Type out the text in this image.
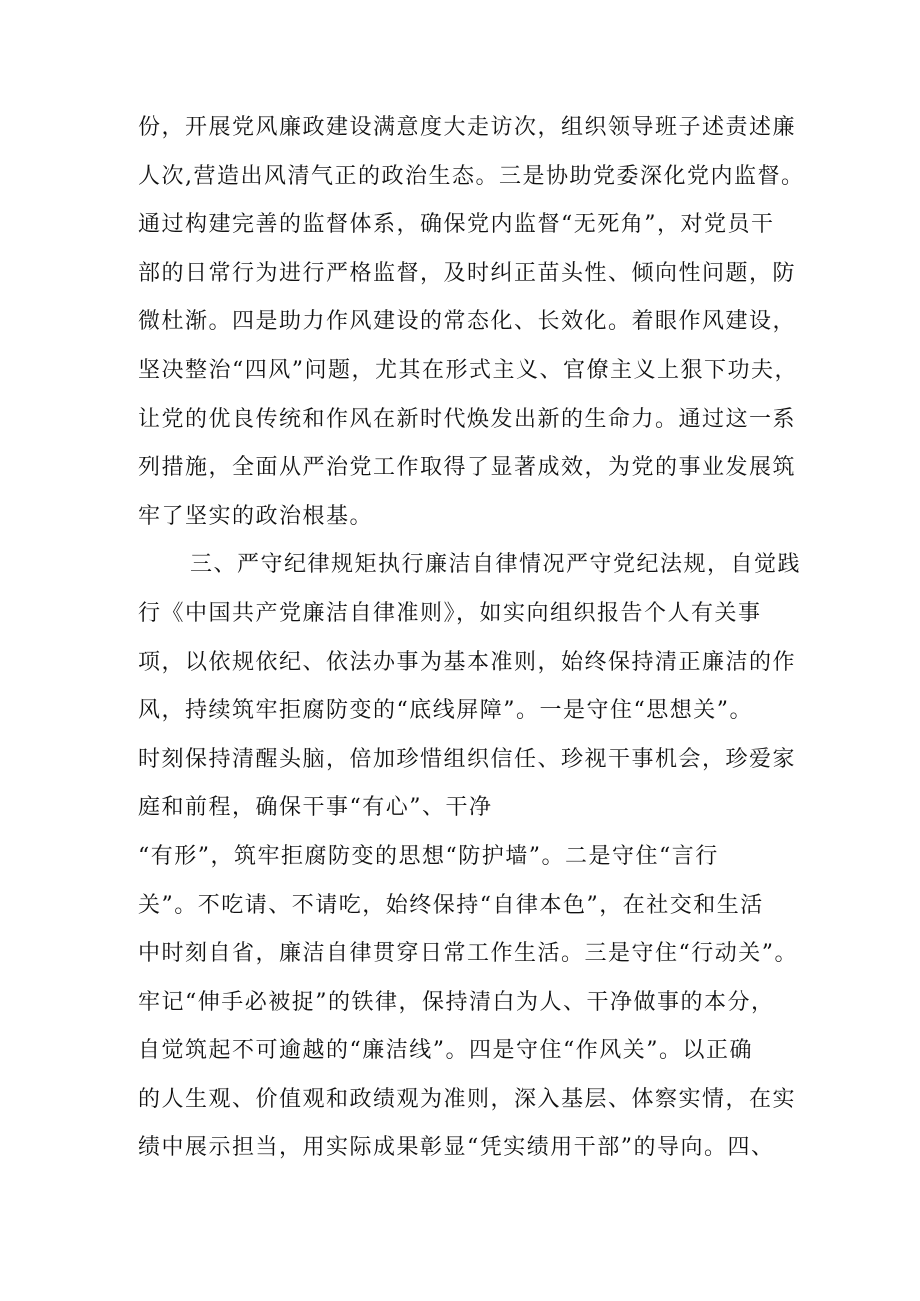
份，开展党风廉政建设满意度大走访次，组织领导班子述责述廉
人次,营造出风清气正的政治生态。三是协助党委深化党内监督。
通过构建完善的监督体系，确保党内监督“无死角”，对党员干
部的日常行为进行严格监督，及时纠正苗头性、倾向性问题，防
微杜渐。四是助力作风建设的常态化、长效化。着眼作风建设，
坚决整治“四风”问题，尤其在形式主义、官僚主义上狠下功夫，
让党的优良传统和作风在新时代焕发出新的生命力。通过这一系
列措施，全面从严治党工作取得了显著成效，为党的事业发展筑
牢了坚实的政治根基。
三、严守纪律规矩执行廉洁自律情况严守党纪法规，自觉践
行《中国共产党廉洁自律准则》，如实向组织报告个人有关事
项，以依规依纪、依法办事为基本准则，始终保持清正廉洁的作
风，持续筑牢拒腐防变的“底线屏障”。一是守住“思想关”。
时刻保持清醒头脑，倍加珍惜组织信任、珍视干事机会，珍爱家
庭和前程，确保干事“有心”、干净
“有形”，筑牢拒腐防变的思想“防护墙”。二是守住“言行
关”。不吃请、不请吃，始终保持“自律本色”，在社交和生活
中时刻自省，廉洁自律贯穿日常工作生活。三是守住“行动关”。
牢记“伸手必被捉”的铁律，保持清白为人、干净做事的本分，
自觉筑起不可逾越的“廉洁线”。四是守住“作风关”。以正确
的人生观、价值观和政绩观为准则，深入基层、体察实情，在实
绩中展示担当，用实际成果彰显“凭实绩用干部”的导向。四、
